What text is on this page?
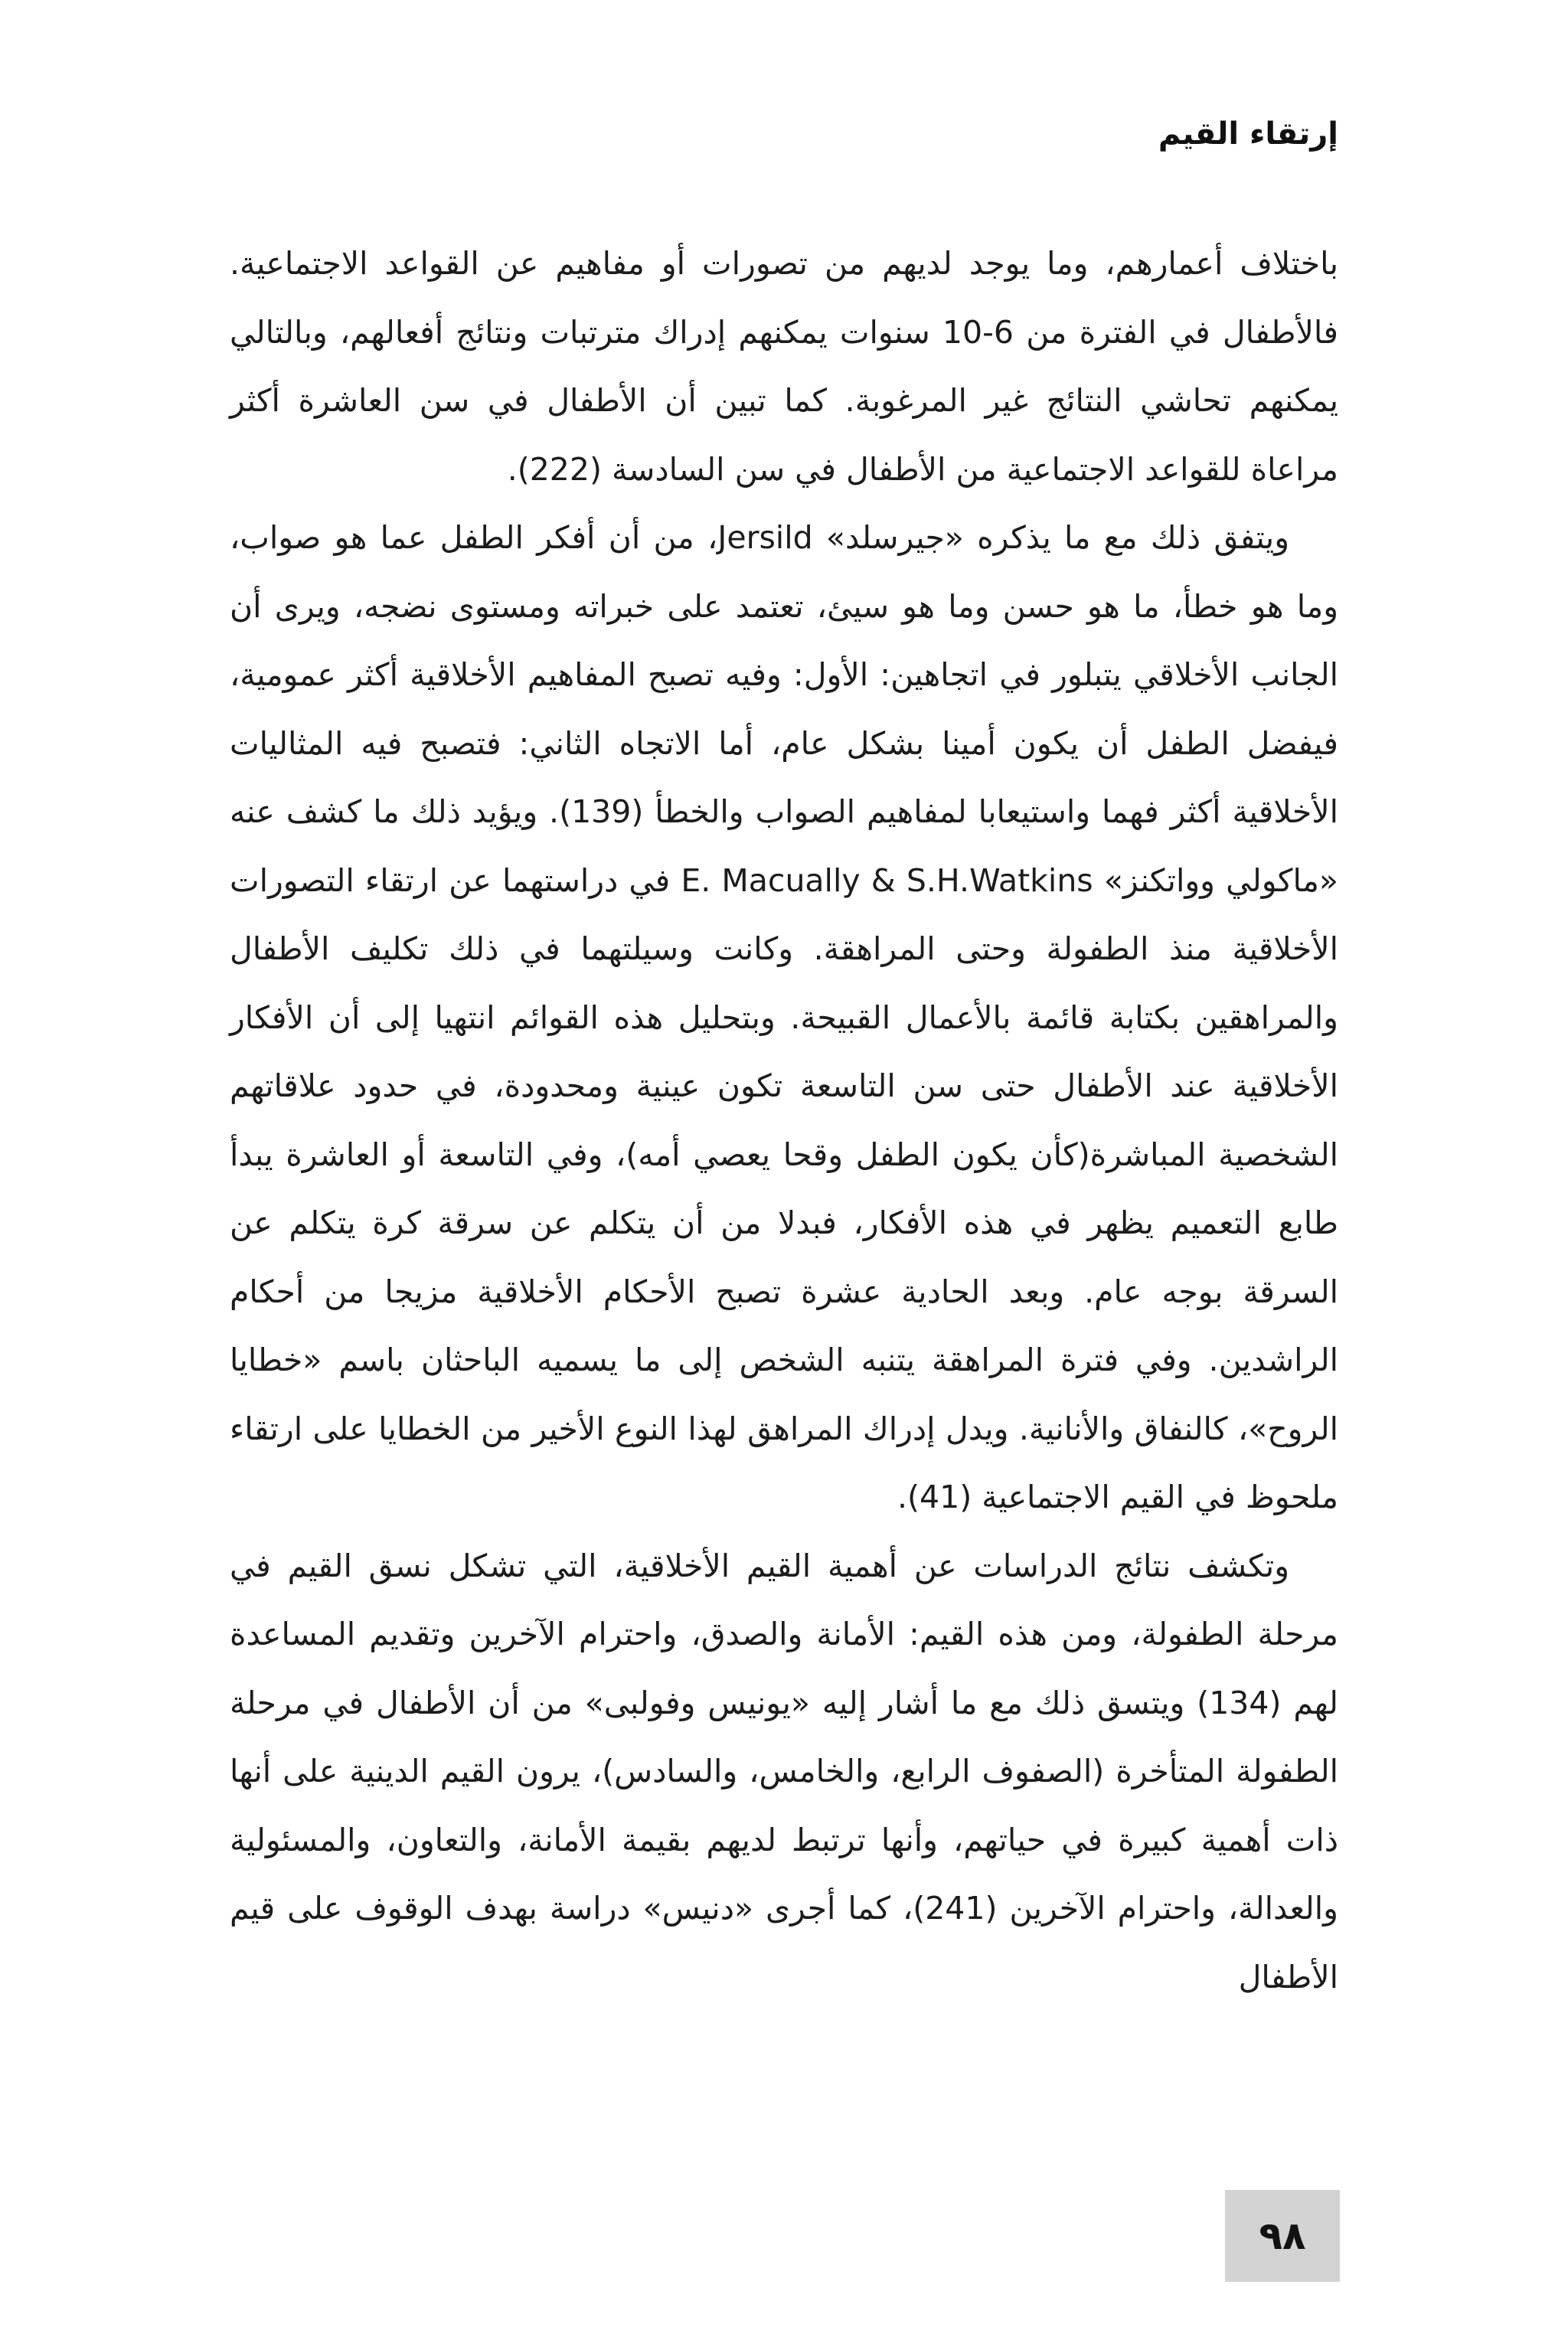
إرتقاء القيم

باختلاف أعمارهم، وما يوجد لديهم من تصورات أو مفاهيم عن القواعد الاجتماعية. فالأطفال في الفترة من 6-10 سنوات يمكنهم إدراك مترتبات ونتائج أفعالهم، وبالتالي يمكنهم تحاشي النتائج غير المرغوبة. كما تبين أن الأطفال في سن العاشرة أكثر مراعاة للقواعد الاجتماعية من الأطفال في سن السادسة (222).

ويتفق ذلك مع ما يذكره «جيرسلد» Jersild، من أن أفكر الطفل عما هو صواب، وما هو خطأ، ما هو حسن وما هو سيئ، تعتمد على خبراته ومستوى نضجه، ويرى أن الجانب الأخلاقي يتبلور في اتجاهين: الأول: وفيه تصبح المفاهيم الأخلاقية أكثر عمومية، فيفضل الطفل أن يكون أمينا بشكل عام، أما الاتجاه الثاني: فتصبح فيه المثاليات الأخلاقية أكثر فهما واستيعابا لمفاهيم الصواب والخطأ (139). ويؤيد ذلك ما كشف عنه «ماكولي وواتكنز» E. Macually & S.H.Watkins في دراستهما عن ارتقاء التصورات الأخلاقية منذ الطفولة وحتى المراهقة. وكانت وسيلتهما في ذلك تكليف الأطفال والمراهقين بكتابة قائمة بالأعمال القبيحة. وبتحليل هذه القوائم انتهيا إلى أن الأفكار الأخلاقية عند الأطفال حتى سن التاسعة تكون عينية ومحدودة، في حدود علاقاتهم الشخصية المباشرة(كأن يكون الطفل وقحا يعصي أمه)، وفي التاسعة أو العاشرة يبدأ طابع التعميم يظهر في هذه الأفكار، فبدلا من أن يتكلم عن سرقة كرة يتكلم عن السرقة بوجه عام. وبعد الحادية عشرة تصبح الأحكام الأخلاقية مزيجا من أحكام الراشدين. وفي فترة المراهقة يتنبه الشخص إلى ما يسميه الباحثان باسم «خطايا الروح»، كالنفاق والأنانية. ويدل إدراك المراهق لهذا النوع الأخير من الخطايا على ارتقاء ملحوظ في القيم الاجتماعية (41).

وتكشف نتائج الدراسات عن أهمية القيم الأخلاقية، التي تشكل نسق القيم في مرحلة الطفولة، ومن هذه القيم: الأمانة والصدق، واحترام الآخرين وتقديم المساعدة لهم (134) ويتسق ذلك مع ما أشار إليه «يونيس وفولبى» من أن الأطفال في مرحلة الطفولة المتأخرة (الصفوف الرابع، والخامس، والسادس)، يرون القيم الدينية على أنها ذات أهمية كبيرة في حياتهم، وأنها ترتبط لديهم بقيمة الأمانة، والتعاون، والمسئولية والعدالة، واحترام الآخرين (241)، كما أجرى «دنيس» دراسة بهدف الوقوف على قيم الأطفال

٩٨
